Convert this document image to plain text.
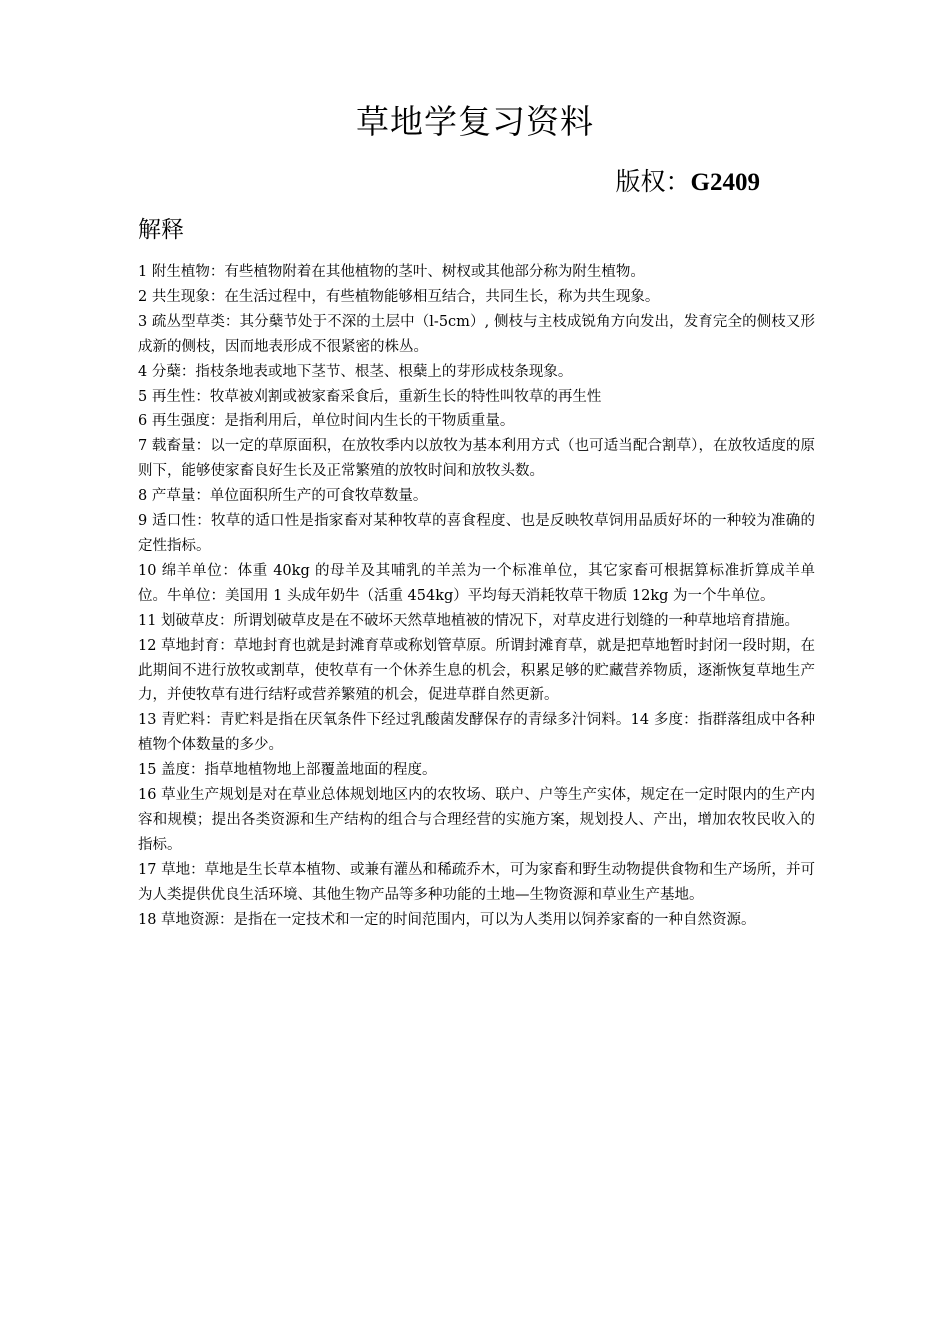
草地学复习资料
版权：G2409
解释

1 附生植物：有些植物附着在其他植物的茎叶、树杈或其他部分称为附生植物。

2 共生现象：在生活过程中，有些植物能够相互结合，共同生长，称为共生现象。

3 疏丛型草类：其分蘖节处于不深的土层中（l-5cm）, 侧枝与主枝成锐角方向发出，发育完全的侧枝又形成新的侧枝，因而地表形成不很紧密的株丛。

4 分蘖：指枝条地表或地下茎节、根茎、根蘖上的芽形成枝条现象。

5 再生性：牧草被刈割或被家畜采食后，重新生长的特性叫牧草的再生性

6 再生强度：是指利用后，单位时间内生长的干物质重量。

7 载畜量：以一定的草原面积，在放牧季内以放牧为基本利用方式（也可适当配合割草），在放牧适度的原则下，能够使家畜良好生长及正常繁殖的放牧时间和放牧头数。

8 产草量：单位面积所生产的可食牧草数量。

9 适口性：牧草的适口性是指家畜对某种牧草的喜食程度、也是反映牧草饲用品质好坏的一种较为准确的定性指标。

10 绵羊单位：体重 40kg 的母羊及其哺乳的羊羔为一个标准单位，其它家畜可根据算标准折算成羊单位。牛单位：美国用 1 头成年奶牛（活重 454kg）平均每天消耗牧草干物质 12kg 为一个牛单位。

11 划破草皮：所谓划破草皮是在不破坏天然草地植被的情况下，对草皮进行划缝的一种草地培育措施。

12 草地封育：草地封育也就是封滩育草或称划管草原。所谓封滩育草，就是把草地暂时封闭一段时期，在此期间不进行放牧或割草，使牧草有一个休养生息的机会，积累足够的贮藏营养物质，逐渐恢复草地生产力，并使牧草有进行结籽或营养繁殖的机会，促进草群自然更新。

13 青贮料：青贮料是指在厌氧条件下经过乳酸菌发酵保存的青绿多汁饲料。14 多度：指群落组成中各种植物个体数量的多少。

15 盖度：指草地植物地上部覆盖地面的程度。

16 草业生产规划是对在草业总体规划地区内的农牧场、联户、户等生产实体，规定在一定时限内的生产内容和规模；提出各类资源和生产结构的组合与合理经营的实施方案，规划投人、产出，增加农牧民收入的指标。

17 草地：草地是生长草本植物、或兼有灌丛和稀疏乔木，可为家畜和野生动物提供食物和生产场所，并可为人类提供优良生活环境、其他生物产品等多种功能的土地—生物资源和草业生产基地。

18 草地资源：是指在一定技术和一定的时间范围内，可以为人类用以饲养家畜的一种自然资源。
